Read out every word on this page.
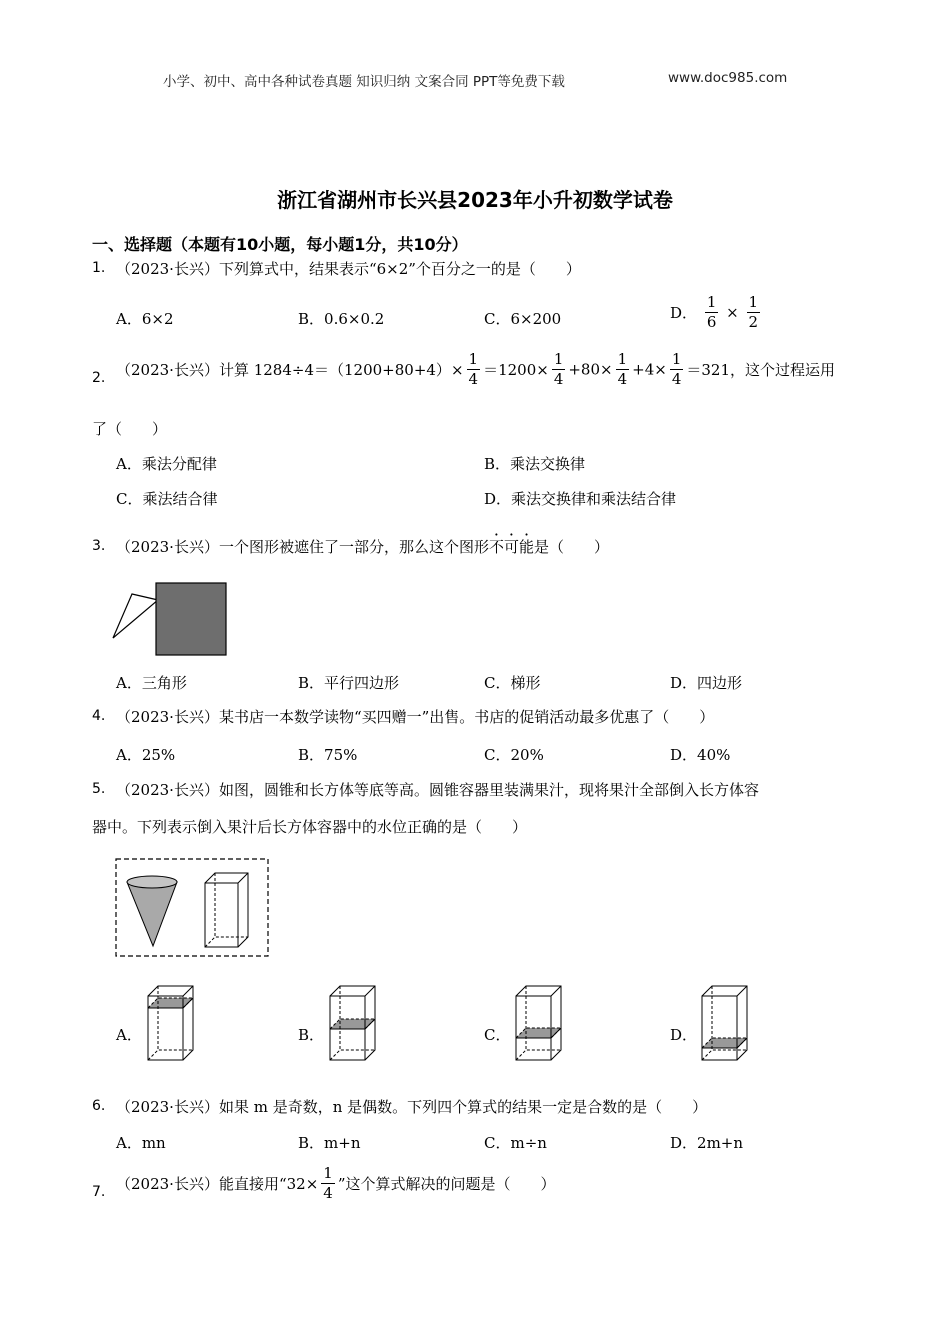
小学、初中、高中各种试卷真题 知识归纳 文案合同 PPT等免费下载	www.doc985.com
浙江省湖州市长兴县2023年小升初数学试卷
一、选择题（本题有10小题，每小题1分，共10分）
1. （2023·长兴）下列算式中，结果表示“6×2”个百分之一的是（　　）
A．6×2	B．0.6×0.2	C．6×200	D． $\frac{1}{6} \times \frac{1}{2}$
2. （2023·长兴）计算 $1284\div 4=(1200+80+4)\times \frac{1}{4} =1200\times \frac{1}{4} +80\times \frac{1}{4} +4\times \frac{1}{4} =321$，这个过程运用
了（　　）
A．乘法分配律	B．乘法交换律
C．乘法结合律	D．乘法交换律和乘法结合律
3. （2023·长兴）一个图形被遮住了一部分，那么这个图形不可能是（　　）
A．三角形	B．平行四边形	C．梯形	D．四边形
4. （2023·长兴）某书店一本数学读物“买四赠一”出售。书店的促销活动最多优惠了（　　）
A．25%	B．75%	C．20%	D．40%
5. （2023·长兴）如图，圆锥和长方体等底等高。圆锥容器里装满果汁，现将果汁全部倒入长方体容
器中。下列表示倒入果汁后长方体容器中的水位正确的是（　　）
A．	B．	C．	D．
6. （2023·长兴）如果 m 是奇数，n 是偶数。下列四个算式的结果一定是合数的是（　　）
A．mn	B．m+n	C．m÷n	D．2m+n
7. （2023·长兴）能直接用“$32\times \frac{1}{4}$ ”这个算式解决的问题是（　　）
